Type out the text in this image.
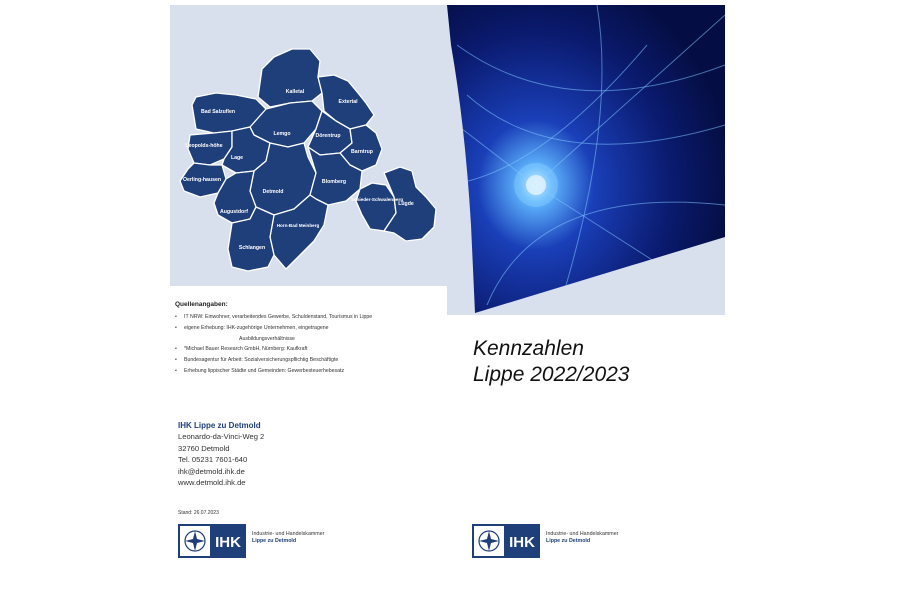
Bad Salzuflen
Kalletal
Extertal
Leopolds-höhe
Lemgo	Dörentrup
Lage
Barntrup
Oerling-hausen
Detmold
Blomberg
Schieder-Schwalenberg
Lügde
Augustdorf
Horn-Bad Meinberg
Schlangen
Quellenangaben:
• IT NRW: Einwohner, verarbeitendes Gewerbe, Schuldenstand, Tourismus in Lippe
• eigene Erhebung: IHK-zugehörige Unternehmen, eingetragene
Ausbildungsverhältnisse
• *Michael Bauer Research GmbH, Nürnberg: Kaufkraft
• Bundesagentur für Arbeit: Sozialversicherungspflichtig Beschäftigte
• Erhebung lippischer Städte und Gemeinden: Gewerbesteuerhebesatz
Kennzahlen
Lippe 2022/2023
IHK Lippe zu Detmold
Leonardo-da-Vinci-Weg 2
32760 Detmold
Tel. 05231 7601-640
ihk@detmold.ihk.de
www.detmold.ihk.de
Stand: 26.07.2023
IHK Industrie- und Handelskammer
Lippe zu Detmold	IHK Industrie- und Handelskammer
Lippe zu Detmold
